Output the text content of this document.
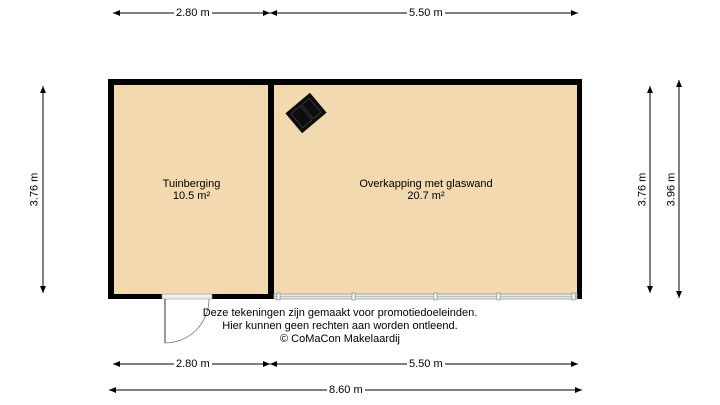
2.80 m	5.50 m
2.80 m	5.50 m
8.60 m
3.76 m	3.76 m 3.96 m
Tuinberging
10.5 m²
Overkapping met glaswand
20.7 m²
Deze tekeningen zijn gemaakt voor promotiedoeleinden.
Hier kunnen geen rechten aan worden ontleend.
© CoMaCon Makelaardij
